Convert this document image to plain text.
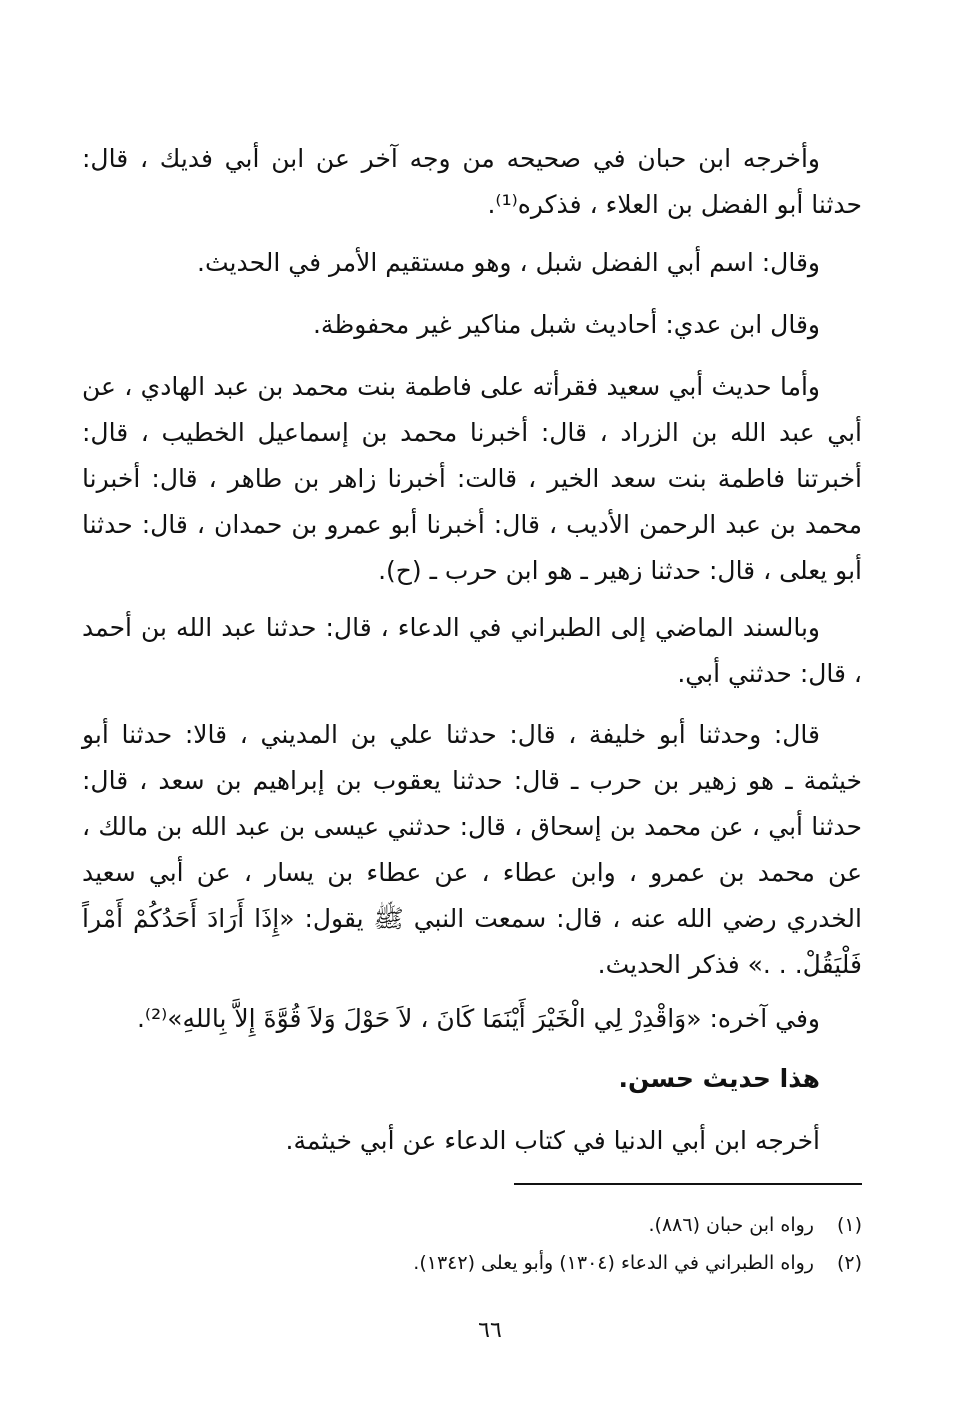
وأخرجه ابن حبان في صحيحه من وجه آخر عن ابن أبي فديك ، قال: حدثنا أبو الفضل بن العلاء ، فذكره⁽¹⁾.

وقال: اسم أبي الفضل شبل ، وهو مستقيم الأمر في الحديث.

وقال ابن عدي: أحاديث شبل مناكير غير محفوظة.

وأما حديث أبي سعيد فقرأته على فاطمة بنت محمد بن عبد الهادي ، عن أبي عبد الله بن الزراد ، قال: أخبرنا محمد بن إسماعيل الخطيب ، قال: أخبرتنا فاطمة بنت سعد الخير ، قالت: أخبرنا زاهر بن طاهر ، قال: أخبرنا محمد بن عبد الرحمن الأديب ، قال: أخبرنا أبو عمرو بن حمدان ، قال: حدثنا أبو يعلى ، قال: حدثنا زهير ـ هو ابن حرب ـ (ح).

وبالسند الماضي إلى الطبراني في الدعاء ، قال: حدثنا عبد الله بن أحمد ، قال: حدثني أبي.

قال: وحدثنا أبو خليفة ، قال: حدثنا علي بن المديني ، قالا: حدثنا أبو خيثمة ـ هو زهير بن حرب ـ قال: حدثنا يعقوب بن إبراهيم بن سعد ، قال: حدثنا أبي ، عن محمد بن إسحاق ، قال: حدثني عيسى بن عبد الله بن مالك ، عن محمد بن عمرو ، وابن عطاء ، عن عطاء بن يسار ، عن أبي سعيد الخدري رضي الله عنه ، قال: سمعت النبي ﷺ يقول: «إِذَا أَرَادَ أَحَدُكُمْ أَمْراً فَلْيَقُلْ. . .» فذكر الحديث.

وفي آخره: «وَاقْدِرْ لِي الْخَيْرَ أَيْنَمَا كَانَ ، لاَ حَوْلَ وَلاَ قُوَّةَ إِلاَّ بِاللهِ»⁽²⁾.

هذا حديث حسن.

أخرجه ابن أبي الدنيا في كتاب الدعاء عن أبي خيثمة.

(١) رواه ابن حبان (٨٨٦).

(٢) رواه الطبراني في الدعاء (١٣٠٤) وأبو يعلى (١٣٤٢).

٦٦
